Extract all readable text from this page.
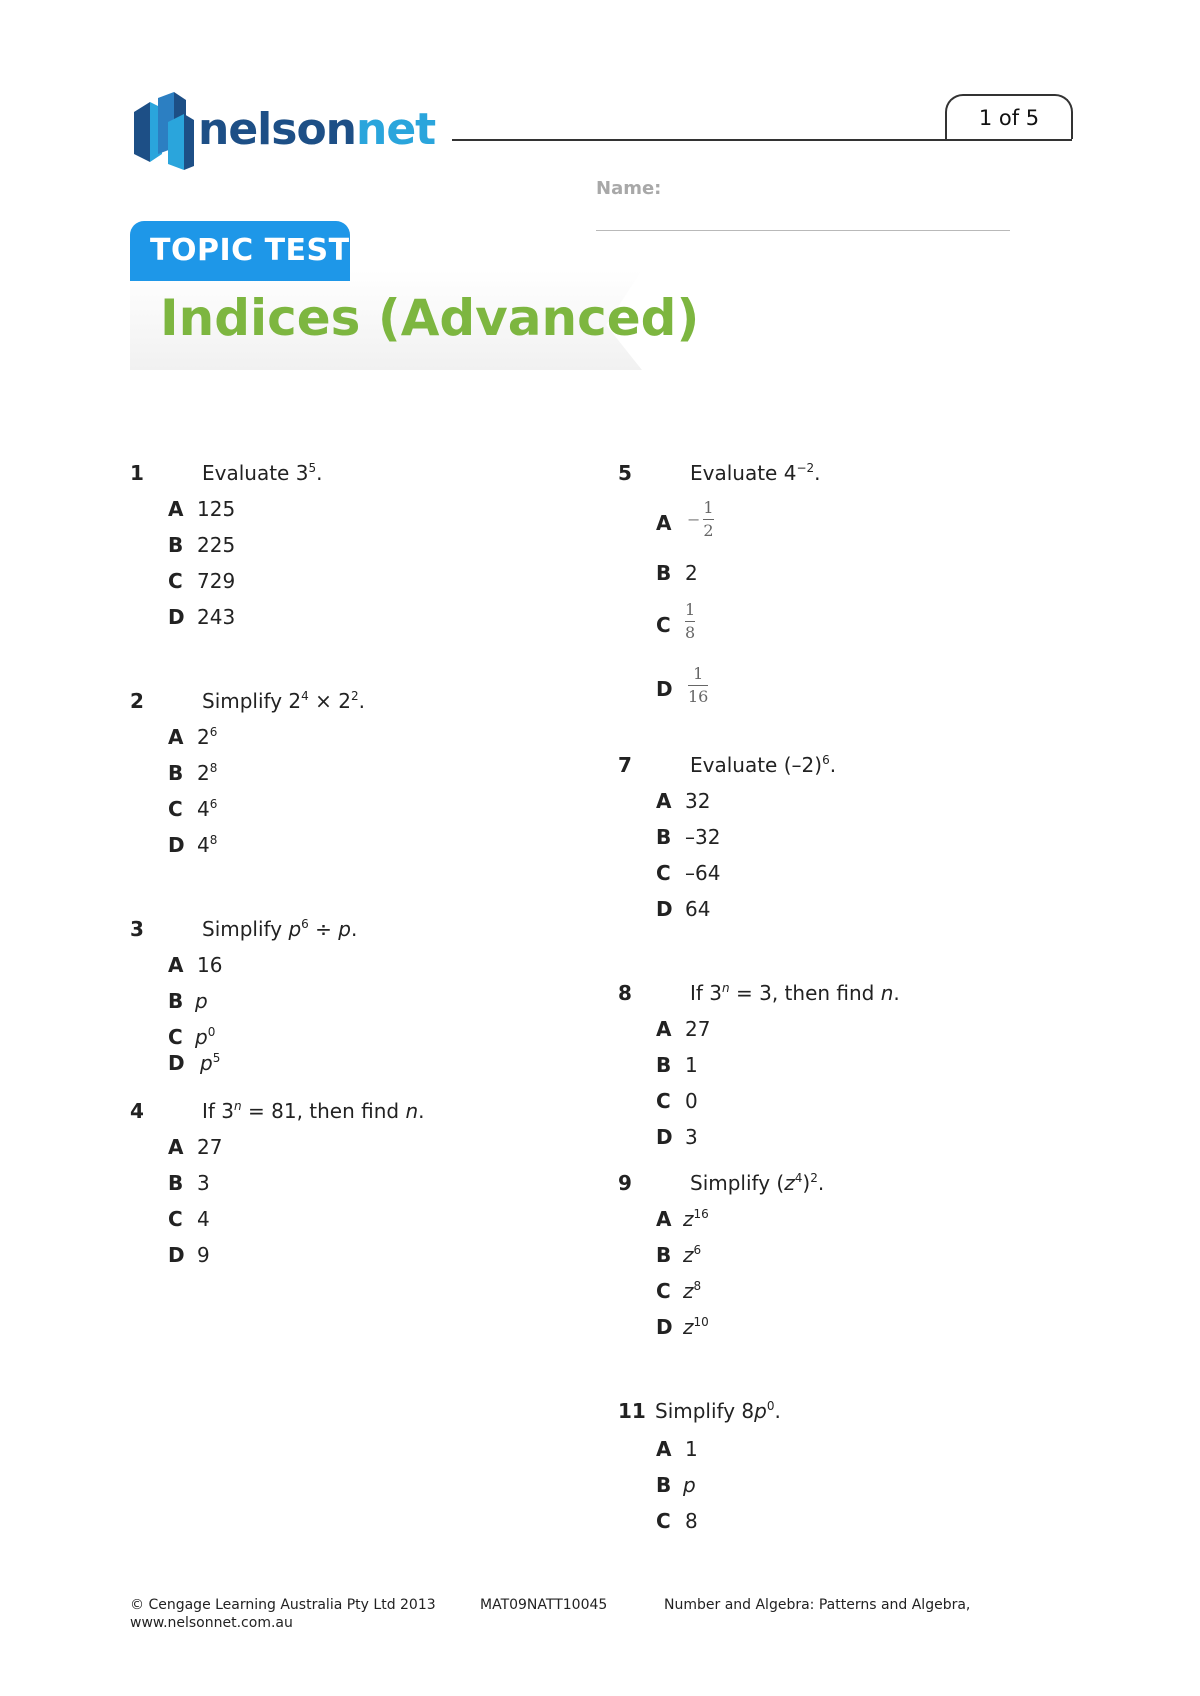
nelsonnet	1 of 5
Name:
TOPIC TEST
Indices (Advanced)
1	Evaluate $3^5$.
A 125
B 225
C 729
D 243
2	Simplify $2^4 \times 2^2$.
A $2^6$
B $2^8$
C $4^6$
D $4^8$
3	Simplify $p^6 \div p$.
A 16
B p
C $p^0$
D $p^5$
4	If $3^n = 81$, then find n.
A 27
B 3
C 4
D 9
5	Evaluate $4^{-2}$.
$A - \frac{1}{2}$
B 2
C $\frac{1}{8}$
D $\frac{1}{16}$
7	Evaluate $(-2)^6$.
A 32
B –32
C –64
D 64
8	If $3^n = 3$, then find n.
A 27
B 1
C 0
D 3
9	Simplify $(z^4)^2$.
A $z^{16}$
B $z^6$
C $z^8$
D $z^{10}$
11 Simplify $8p^0$.
A 1
B p
C 8
© Cengage Learning Australia Pty Ltd 2013
www.nelsonnet.com.au
MAT09NATT10045	Number and Algebra: Patterns and Algebra,
